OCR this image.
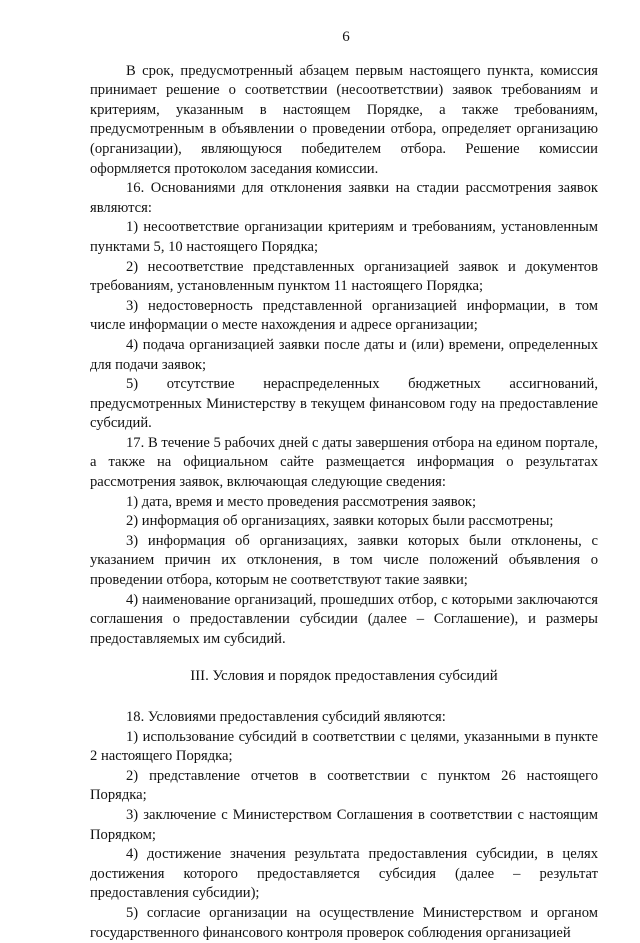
6

В срок, предусмотренный абзацем первым настоящего пункта, комиссия принимает решение о соответствии (несоответствии) заявок требованиям и критериям, указанным в настоящем Порядке, а также требованиям, предусмотренным в объявлении о проведении отбора, определяет организацию (организации), являющуюся победителем отбора. Решение комиссии оформляется протоколом заседания комиссии.

16. Основаниями для отклонения заявки на стадии рассмотрения заявок являются:

1) несоответствие организации критериям и требованиям, установленным пунктами 5, 10 настоящего Порядка;

2) несоответствие представленных организацией заявок и документов требованиям, установленным пунктом 11 настоящего Порядка;

3) недостоверность представленной организацией информации, в том числе информации о месте нахождения и адресе организации;

4) подача организацией заявки после даты и (или) времени, определенных для подачи заявок;

5) отсутствие нераспределенных бюджетных ассигнований, предусмотренных Министерству в текущем финансовом году на предоставление субсидий.

17. В течение 5 рабочих дней с даты завершения отбора на едином портале, а также на официальном сайте размещается информация о результатах рассмотрения заявок, включающая следующие сведения:

1) дата, время и место проведения рассмотрения заявок;

2) информация об организациях, заявки которых были рассмотрены;

3) информация об организациях, заявки которых были отклонены, с указанием причин их отклонения, в том числе положений объявления о проведении отбора, которым не соответствуют такие заявки;

4) наименование организаций, прошедших отбор, с которыми заключаются соглашения о предоставлении субсидии (далее – Соглашение), и размеры предоставляемых им субсидий.

III. Условия и порядок предоставления субсидий

18. Условиями предоставления субсидий являются:

1) использование субсидий в соответствии с целями, указанными в пункте 2 настоящего Порядка;

2) представление отчетов в соответствии с пунктом 26 настоящего Порядка;

3) заключение с Министерством Соглашения в соответствии с настоящим Порядком;

4) достижение значения результата предоставления субсидии, в целях достижения которого предоставляется субсидия (далее – результат предоставления субсидии);

5) согласие организации на осуществление Министерством и органом государственного финансового контроля проверок соблюдения организацией
